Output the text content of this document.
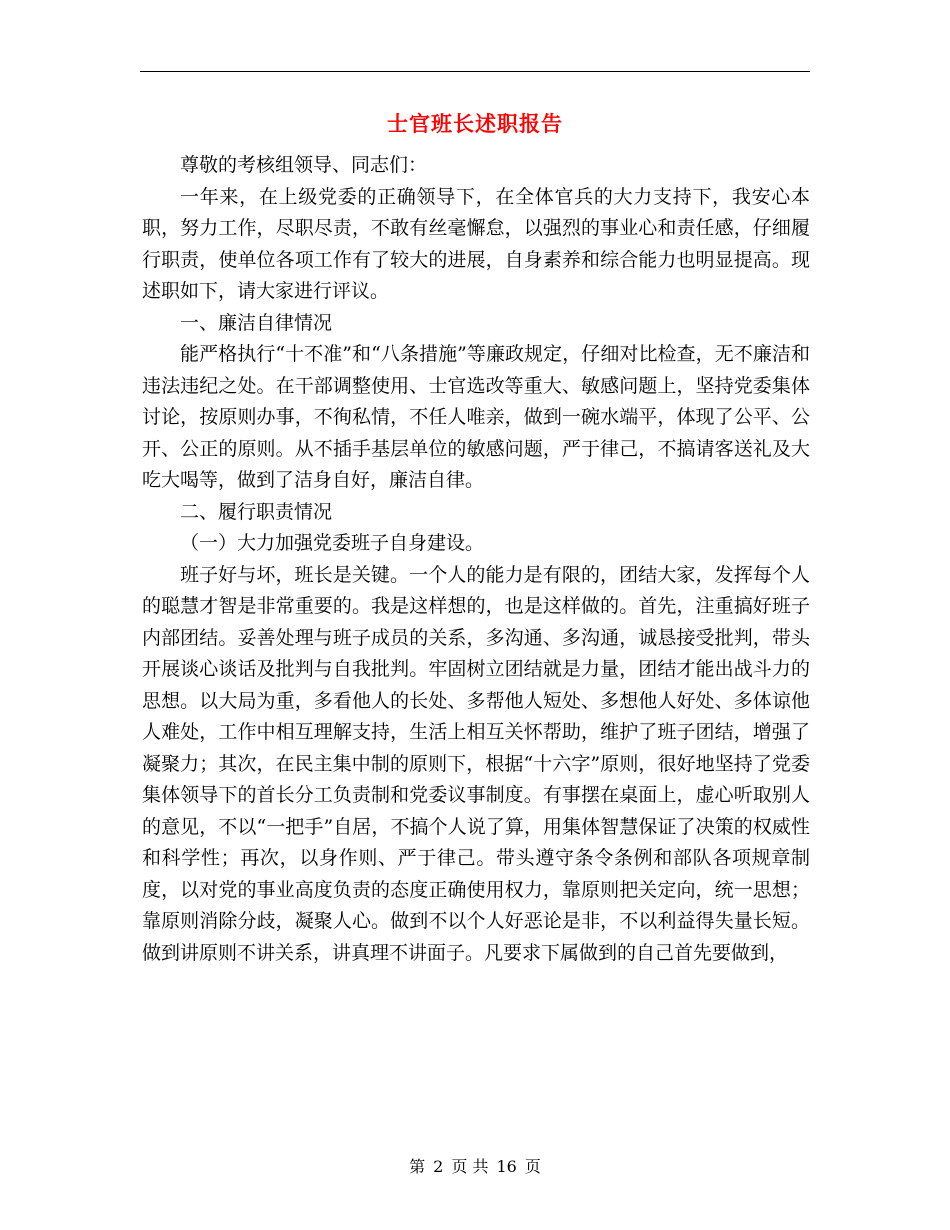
士官班长述职报告

尊敬的考核组领导、同志们：

一年来，在上级党委的正确领导下，在全体官兵的大力支持下，我安心本职，努力工作，尽职尽责，不敢有丝毫懈怠，以强烈的事业心和责任感，仔细履行职责，使单位各项工作有了较大的进展，自身素养和综合能力也明显提高。现述职如下，请大家进行评议。

一、廉洁自律情况

能严格执行“十不准”和“八条措施”等廉政规定，仔细对比检查，无不廉洁和违法违纪之处。在干部调整使用、士官选改等重大、敏感问题上，坚持党委集体讨论，按原则办事，不徇私情，不任人唯亲，做到一碗水端平，体现了公平、公开、公正的原则。从不插手基层单位的敏感问题，严于律己，不搞请客送礼及大吃大喝等，做到了洁身自好，廉洁自律。

二、履行职责情况

（一）大力加强党委班子自身建设。

班子好与坏，班长是关键。一个人的能力是有限的，团结大家，发挥每个人的聪慧才智是非常重要的。我是这样想的，也是这样做的。首先，注重搞好班子内部团结。妥善处理与班子成员的关系，多沟通、多沟通，诚恳接受批判，带头开展谈心谈话及批判与自我批判。牢固树立团结就是力量，团结才能出战斗力的思想。以大局为重，多看他人的长处、多帮他人短处、多想他人好处、多体谅他人难处，工作中相互理解支持，生活上相互关怀帮助，维护了班子团结，增强了凝聚力；其次，在民主集中制的原则下，根据“十六字”原则，很好地坚持了党委集体领导下的首长分工负责制和党委议事制度。有事摆在桌面上，虚心听取别人的意见，不以“一把手”自居，不搞个人说了算，用集体智慧保证了决策的权威性和科学性；再次，以身作则、严于律己。带头遵守条令条例和部队各项规章制度，以对党的事业高度负责的态度正确使用权力，靠原则把关定向，统一思想；靠原则消除分歧，凝聚人心。做到不以个人好恶论是非，不以利益得失量长短。做到讲原则不讲关系，讲真理不讲面子。凡要求下属做到的自己首先要做到，

第 2 页 共 16 页
